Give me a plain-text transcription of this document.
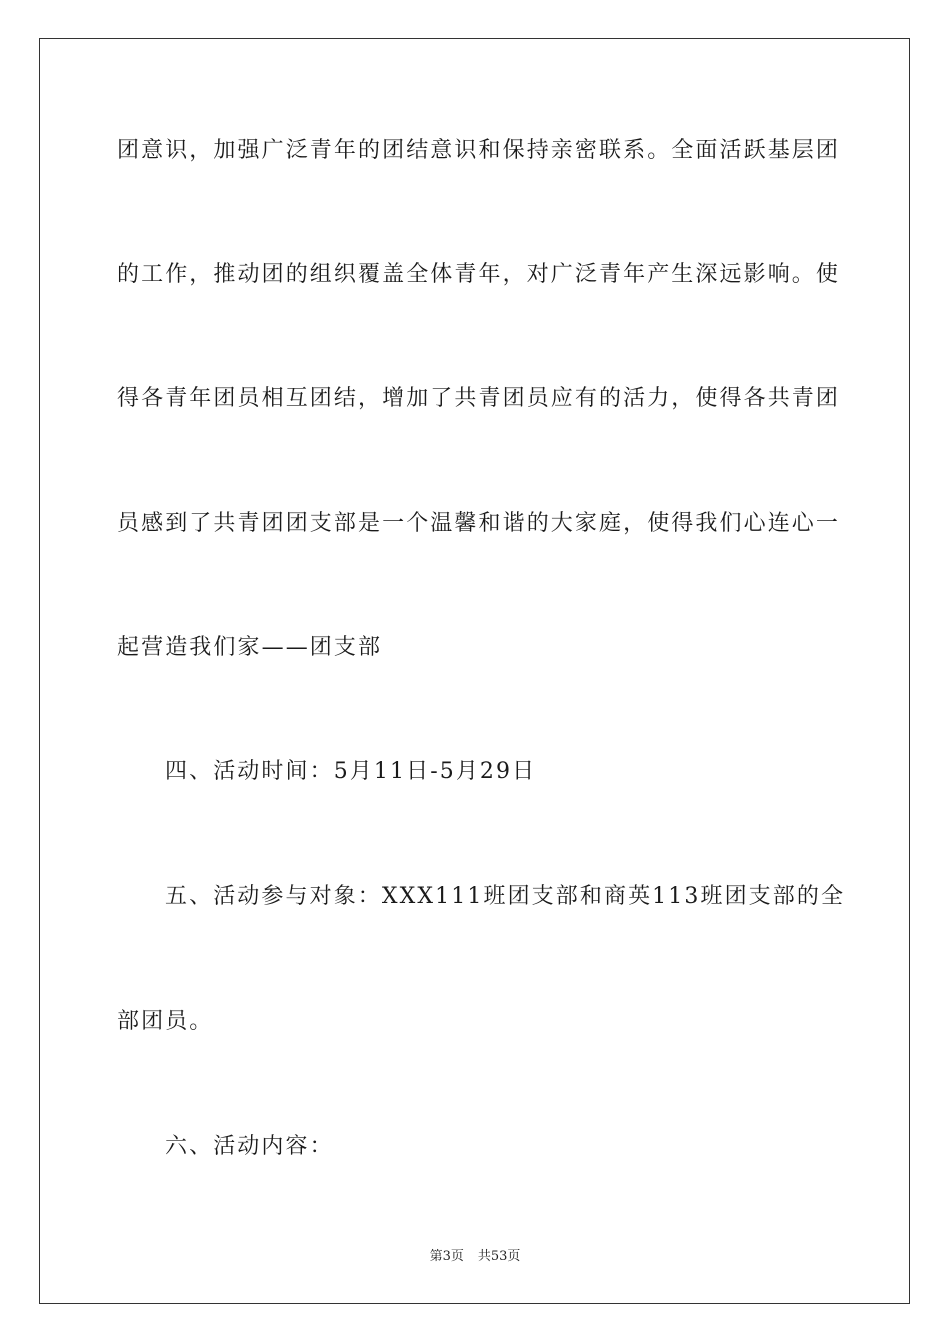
团意识，加强广泛青年的团结意识和保持亲密联系。全面活跃基层团
的工作，推动团的组织覆盖全体青年，对广泛青年产生深远影响。使
得各青年团员相互团结，增加了共青团员应有的活力，使得各共青团
员感到了共青团团支部是一个温馨和谐的大家庭，使得我们心连心一
起营造我们家——团支部
四、活动时间：5月11日-5月29日
五、活动参与对象：XXX111班团支部和商英113班团支部的全
部团员。
六、活动内容：
第3页 共53页
